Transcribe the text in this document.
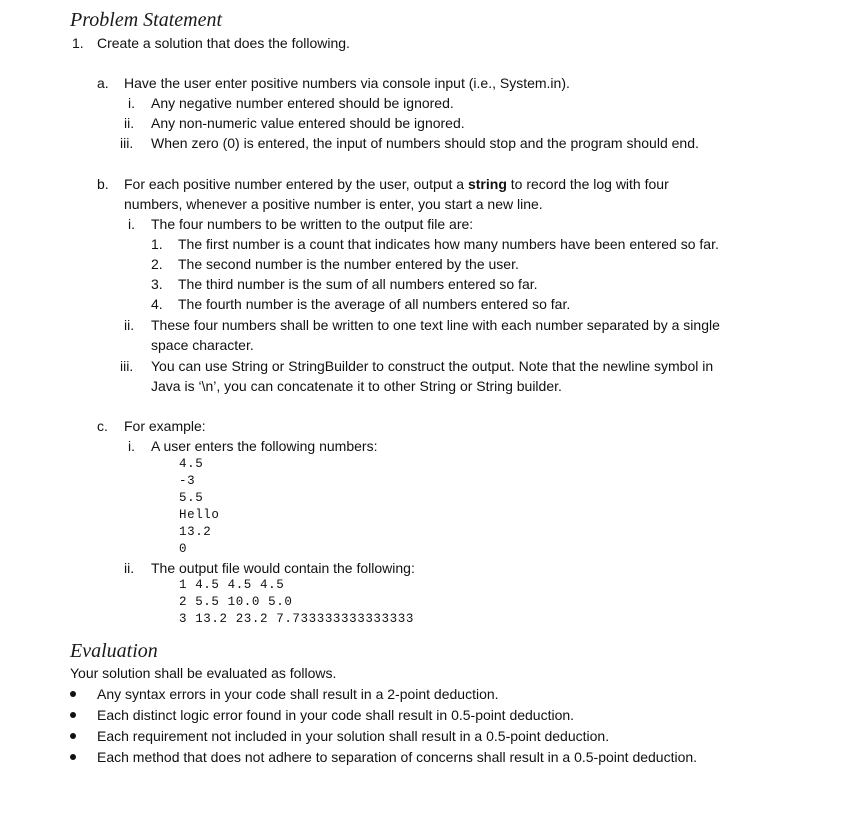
Problem Statement
1. Create a solution that does the following.
a. Have the user enter positive numbers via console input (i.e., System.in).
i. Any negative number entered should be ignored.
ii. Any non-numeric value entered should be ignored.
iii. When zero (0) is entered, the input of numbers should stop and the program should end.
b. For each positive number entered by the user, output a string to record the log with four
numbers, whenever a positive number is enter, you start a new line.
i. The four numbers to be written to the output file are:
1. The first number is a count that indicates how many numbers have been entered so far.
2. The second number is the number entered by the user.
3. The third number is the sum of all numbers entered so far.
4. The fourth number is the average of all numbers entered so far.
ii. These four numbers shall be written to one text line with each number separated by a single
space character.
iii. You can use String or StringBuilder to construct the output. Note that the newline symbol in
Java is ‘\n’, you can concatenate it to other String or String builder.
c. For example:
i. A user enters the following numbers:
4.5
-3
5.5
Hello
13.2
0
ii. The output file would contain the following:
1 4.5 4.5 4.5
2 5.5 10.0 5.0
3 13.2 23.2 7.733333333333333
Evaluation
Your solution shall be evaluated as follows.
Any syntax errors in your code shall result in a 2-point deduction.
Each distinct logic error found in your code shall result in 0.5-point deduction.
Each requirement not included in your solution shall result in a 0.5-point deduction.
Each method that does not adhere to separation of concerns shall result in a 0.5-point deduction.
